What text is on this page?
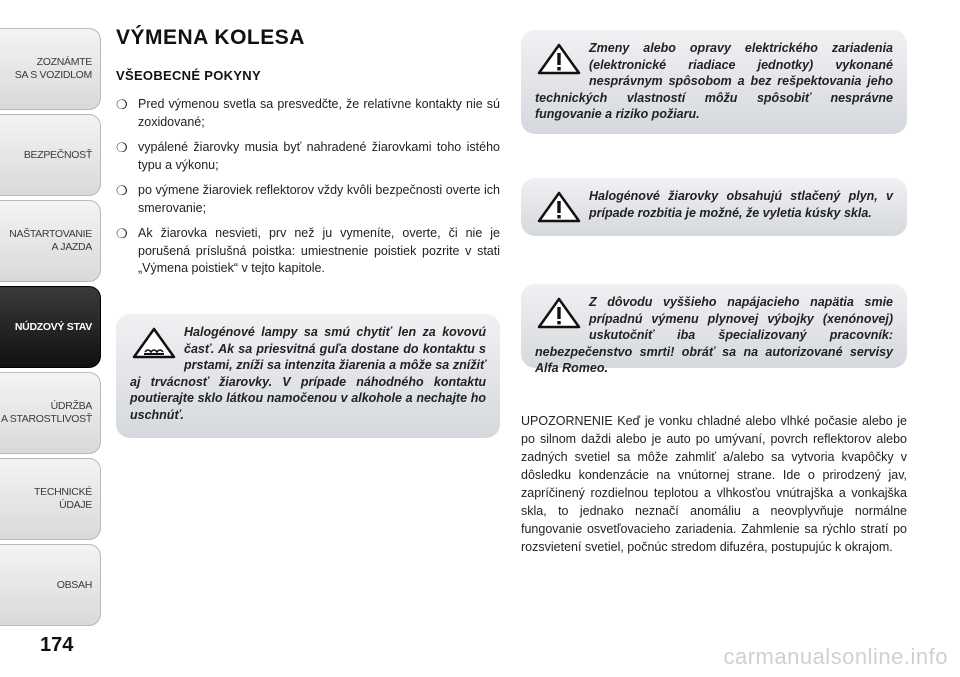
ZOZNÁMTE
SA S VOZIDLOM
BEZPEČNOSŤ
NAŠTARTOVANIE
A JAZDA
NÚDZOVÝ STAV
ÚDRŽBA
A STAROSTLIVOSŤ
TECHNICKÉ
ÚDAJE
OBSAH
174
VÝMENA KOLESA
VŠEOBECNÉ POKYNY
❍ Pred výmenou svetla sa presvedčte, že relatívne kontakty nie sú zoxidované;
❍ vypálené žiarovky musia byť nahradené žiarovkami toho istého typu a výkonu;
❍ po výmene žiaroviek reflektorov vždy kvôli bezpečnosti overte ich smerovanie;
❍ Ak žiarovka nesvieti, prv než ju vymeníte, overte, či nie je porušená príslušná poistka: umiestnenie poistiek pozrite v stati „Výmena poistiek“ v tejto kapitole.

Halogénové lampy sa smú chytiť len za kovovú časť. Ak sa priesvitná guľa dostane do kontaktu s prstami, zníži sa intenzita žiarenia a môže sa znížiť aj trvácnosť žiarovky. V prípade náhodného kontaktu poutierajte sklo látkou namočenou v alkohole a nechajte ho uschnúť.

Zmeny alebo opravy elektrického zariadenia (elektronické riadiace jednotky) vykonané nesprávnym spôsobom a bez rešpektovania jeho technických vlastností môžu spôsobiť nesprávne fungovanie a riziko požiaru.

Halogénové žiarovky obsahujú stlačený plyn, v prípade rozbitia je možné, že vyletia kúsky skla.

Z dôvodu vyššieho napájacieho napätia smie prípadnú výmenu plynovej výbojky (xenónovej) uskutočniť iba špecializovaný pracovník: nebezpečenstvo smrti! obráť sa na autorizované servisy Alfa Romeo.

UPOZORNENIE Keď je vonku chladné alebo vlhké počasie alebo je po silnom daždi alebo je auto po umývaní, povrch reflektorov alebo zadných svetiel sa môže zahmliť a/alebo sa vytvoria kvapôčky v dôsledku kondenzácie na vnútornej strane. Ide o prirodzený jav, zapríčinený rozdielnou teplotou a vlhkosťou vnútrajška a vonkajška skla, to jednako neznačí anomáliu a neovplyvňuje normálne fungovanie osvetľovacieho zariadenia. Zahmlenie sa rýchlo stratí po rozsvietení svetiel, počnúc stredom difuzéra, postupujúc k okrajom.

carmanualsonline.info
